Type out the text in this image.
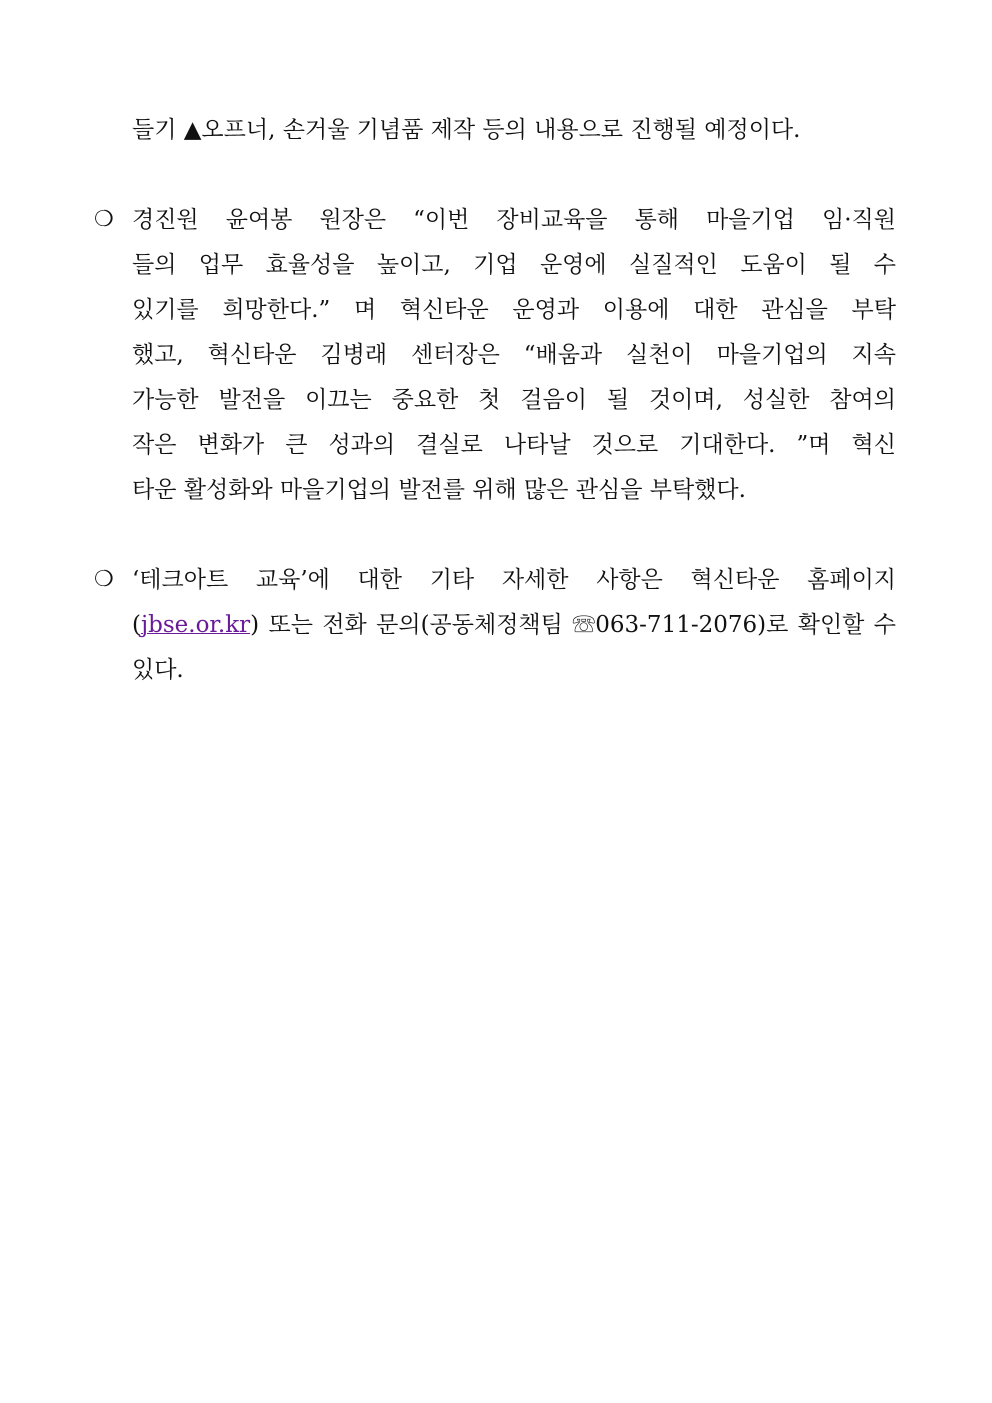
들기 ▲오프너, 손거울 기념품 제작 등의 내용으로 진행될 예정이다.
❍ 경진원 윤여봉 원장은 “이번 장비교육을 통해 마을기업 임·직원
들의 업무 효율성을 높이고, 기업 운영에 실질적인 도움이 될 수
있기를 희망한다.” 며 혁신타운 운영과 이용에 대한 관심을 부탁
했고, 혁신타운 김병래 센터장은 “배움과 실천이 마을기업의 지속
가능한 발전을 이끄는 중요한 첫 걸음이 될 것이며, 성실한 참여의
작은 변화가 큰 성과의 결실로 나타날 것으로 기대한다. ”며 혁신
타운 활성화와 마을기업의 발전를 위해 많은 관심을 부탁했다.
❍ ‘테크아트 교육’에 대한 기타 자세한 사항은 혁신타운 홈페이지
(jbse.or.kr) 또는 전화 문의(공동체정책팀 ☏063-711-2076)로 확인할 수
있다.
